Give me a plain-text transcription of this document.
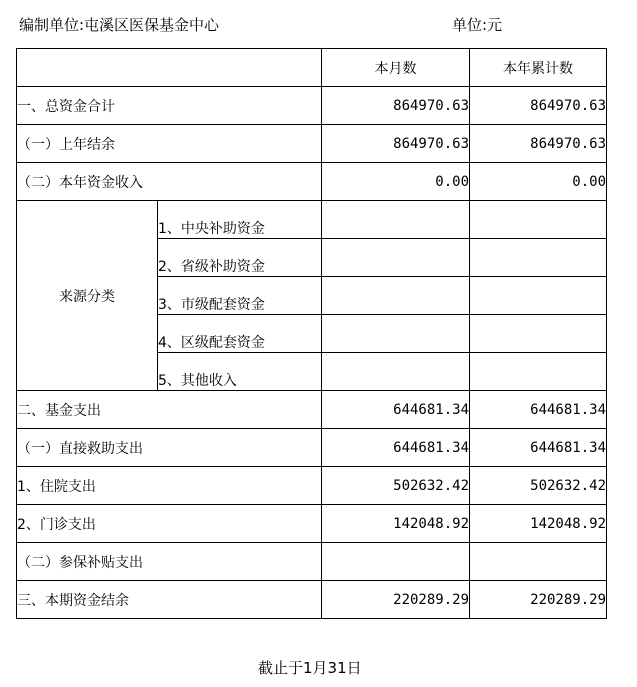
编制单位:屯溪区医保基金中心	单位:元
		本月数	本年累计数
一、总资金合计		864970.63	864970.63
（一）上年结余		864970.63	864970.63
（二）本年资金收入		0.00	0.00
来源分类	1、中央补助资金		
	2、省级补助资金		
	3、市级配套资金		
	4、区级配套资金		
	5、其他收入		
二、基金支出		644681.34	644681.34
（一）直接救助支出		644681.34	644681.34
1、住院支出		502632.42	502632.42
2、门诊支出		142048.92	142048.92
（二）参保补贴支出			
三、本期资金结余		220289.29	220289.29
截止于1月31日
